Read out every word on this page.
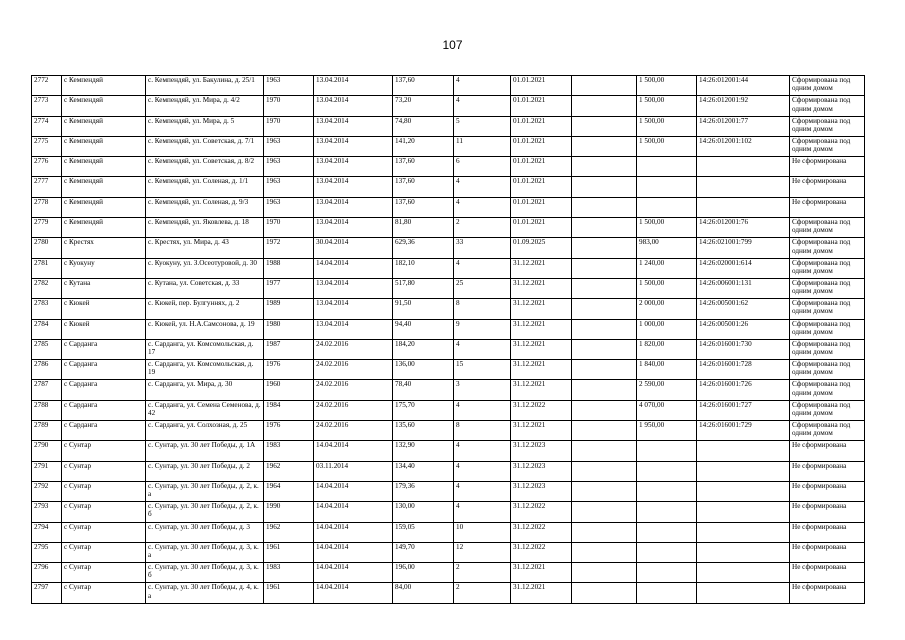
107
2772	с Кемпендяй	с. Кемпендяй, ул. Бакулина, д. 25/1	1963	13.04.2014	137,60	4	01.01.2021		1 500,00	14:26:012001:44	Сформирована под одним домом
2773	с Кемпендяй	с. Кемпендяй, ул. Мира, д. 4/2	1970	13.04.2014	73,20	4	01.01.2021		1 500,00	14:26:012001:92	Сформирована под одним домом
2774	с Кемпендяй	с. Кемпендяй, ул. Мира, д. 5	1970	13.04.2014	74,80	5	01.01.2021		1 500,00	14:26:012001:77	Сформирована под одним домом
2775	с Кемпендяй	с. Кемпендяй, ул. Советская, д. 7/1	1963	13.04.2014	141,20	11	01.01.2021		1 500,00	14:26:012001:102	Сформирована под одним домом
2776	с Кемпендяй	с. Кемпендяй, ул. Советская, д. 8/2	1963	13.04.2014	137,60	6	01.01.2021				Не сформирована
2777	с Кемпендяй	с. Кемпендяй, ул. Соленая, д. 1/1	1963	13.04.2014	137,60	4	01.01.2021				Не сформирована
2778	с Кемпендяй	с. Кемпендяй, ул. Соленая, д. 9/3	1963	13.04.2014	137,60	4	01.01.2021				Не сформирована
2779	с Кемпендяй	с. Кемпендяй, ул. Яковлева, д. 18	1970	13.04.2014	81,80	2	01.01.2021		1 500,00	14:26:012001:76	Сформирована под одним домом
2780	с Крестях	с. Крестях, ул. Мира, д. 43	1972	30.04.2014	629,36	33	01.09.2025		983,00	14:26:021001:799	Сформирована под одним домом
2781	с Куокуну	с. Куокуну, ул. З.Осеотуровой, д. 30	1988	14.04.2014	182,10	4	31.12.2021		1 240,00	14:26:020001:614	Сформирована под одним домом
2782	с Кутана	с. Кутана, ул. Советская, д. 33	1977	13.04.2014	517,80	25	31.12.2021		1 500,00	14:26:006001:131	Сформирована под одним домом
2783	с Кюкей	с. Кюкей, пер. Булгуннях, д. 2	1989	13.04.2014	91,50	8	31.12.2021		2 000,00	14:26:005001:62	Сформирована под одним домом
2784	с Кюкей	с. Кюкей, ул. Н.А.Самсонова, д. 19	1980	13.04.2014	94,40	9	31.12.2021		1 000,00	14:26:005001:26	Сформирована под одним домом
2785	с Сарданга	с. Сарданга, ул. Комсомольская, д. 17	1987	24.02.2016	184,20	4	31.12.2021		1 820,00	14:26:016001:730	Сформирована под одним домом
2786	с Сарданга	с. Сарданга, ул. Комсомольская, д. 19	1976	24.02.2016	136,00	15	31.12.2021		1 840,00	14:26:016001:728	Сформирована под одним домом
2787	с Сарданга	с. Сарданга, ул. Мира, д. 30	1960	24.02.2016	78,40	3	31.12.2021		2 590,00	14:26:016001:726	Сформирована под одним домом
2788	с Сарданга	с. Сарданга, ул. Семена Семенова, д. 42	1984	24.02.2016	175,70	4	31.12.2022		4 070,00	14:26:016001:727	Сформирована под одним домом
2789	с Сарданга	с. Сарданга, ул. Солхозная, д. 25	1976	24.02.2016	135,60	8	31.12.2021		1 950,00	14:26:016001:729	Сформирована под одним домом
2790	с Сунтар	с. Сунтар, ул. 30 лет Победы, д. 1А	1983	14.04.2014	132,90	4	31.12.2023				Не сформирована
2791	с Сунтар	с. Сунтар, ул. 30 лет Победы, д. 2	1962	03.11.2014	134,40	4	31.12.2023				Не сформирована
2792	с Сунтар	с. Сунтар, ул. 30 лет Победы, д. 2, к. а	1964	14.04.2014	179,36	4	31.12.2023				Не сформирована
2793	с Сунтар	с. Сунтар, ул. 30 лет Победы, д. 2, к. б	1990	14.04.2014	130,00	4	31.12.2022				Не сформирована
2794	с Сунтар	с. Сунтар, ул. 30 лет Победы, д. 3	1962	14.04.2014	159,05	10	31.12.2022				Не сформирована
2795	с Сунтар	с. Сунтар, ул. 30 лет Победы, д. 3, к. а	1961	14.04.2014	149,70	12	31.12.2022				Не сформирована
2796	с Сунтар	с. Сунтар, ул. 30 лет Победы, д. 3, к. б	1983	14.04.2014	196,00	2	31.12.2021				Не сформирована
2797	с Сунтар	с. Сунтар, ул. 30 лет Победы, д. 4, к. а	1961	14.04.2014	84,00	2	31.12.2021				Не сформирована
